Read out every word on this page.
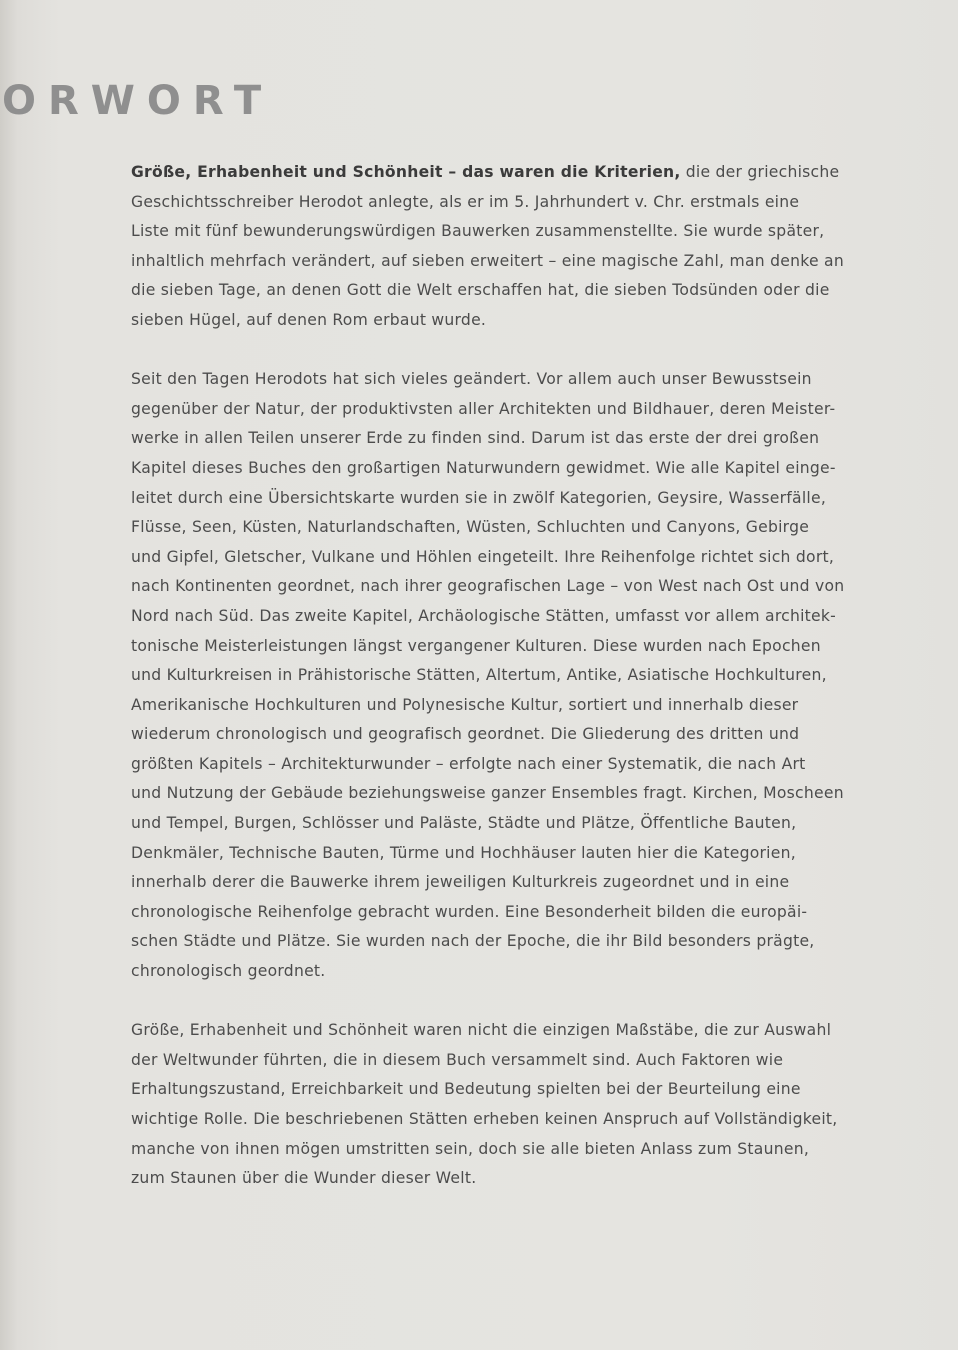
ORWORT

Größe, Erhabenheit und Schönheit – das waren die Kriterien, die der griechische
Geschichtsschreiber Herodot anlegte, als er im 5. Jahrhundert v. Chr. erstmals eine
Liste mit fünf bewunderungswürdigen Bauwerken zusammenstellte. Sie wurde später,
inhaltlich mehrfach verändert, auf sieben erweitert – eine magische Zahl, man denke an
die sieben Tage, an denen Gott die Welt erschaffen hat, die sieben Todsünden oder die
sieben Hügel, auf denen Rom erbaut wurde.

Seit den Tagen Herodots hat sich vieles geändert. Vor allem auch unser Bewusstsein
gegenüber der Natur, der produktivsten aller Architekten und Bildhauer, deren Meister-
werke in allen Teilen unserer Erde zu finden sind. Darum ist das erste der drei großen
Kapitel dieses Buches den großartigen Naturwundern gewidmet. Wie alle Kapitel einge-
leitet durch eine Übersichtskarte wurden sie in zwölf Kategorien, Geysire, Wasserfälle,
Flüsse, Seen, Küsten, Naturlandschaften, Wüsten, Schluchten und Canyons, Gebirge
und Gipfel, Gletscher, Vulkane und Höhlen eingeteilt. Ihre Reihenfolge richtet sich dort,
nach Kontinenten geordnet, nach ihrer geografischen Lage – von West nach Ost und von
Nord nach Süd. Das zweite Kapitel, Archäologische Stätten, umfasst vor allem architek-
tonische Meisterleistungen längst vergangener Kulturen. Diese wurden nach Epochen
und Kulturkreisen in Prähistorische Stätten, Altertum, Antike, Asiatische Hochkulturen,
Amerikanische Hochkulturen und Polynesische Kultur, sortiert und innerhalb dieser
wiederum chronologisch und geografisch geordnet. Die Gliederung des dritten und
größten Kapitels – Architekturwunder – erfolgte nach einer Systematik, die nach Art
und Nutzung der Gebäude beziehungsweise ganzer Ensembles fragt. Kirchen, Moscheen
und Tempel, Burgen, Schlösser und Paläste, Städte und Plätze, Öffentliche Bauten,
Denkmäler, Technische Bauten, Türme und Hochhäuser lauten hier die Kategorien,
innerhalb derer die Bauwerke ihrem jeweiligen Kulturkreis zugeordnet und in eine
chronologische Reihenfolge gebracht wurden. Eine Besonderheit bilden die europäi-
schen Städte und Plätze. Sie wurden nach der Epoche, die ihr Bild besonders prägte,
chronologisch geordnet.

Größe, Erhabenheit und Schönheit waren nicht die einzigen Maßstäbe, die zur Auswahl
der Weltwunder führten, die in diesem Buch versammelt sind. Auch Faktoren wie
Erhaltungszustand, Erreichbarkeit und Bedeutung spielten bei der Beurteilung eine
wichtige Rolle. Die beschriebenen Stätten erheben keinen Anspruch auf Vollständigkeit,
manche von ihnen mögen umstritten sein, doch sie alle bieten Anlass zum Staunen,
zum Staunen über die Wunder dieser Welt.
